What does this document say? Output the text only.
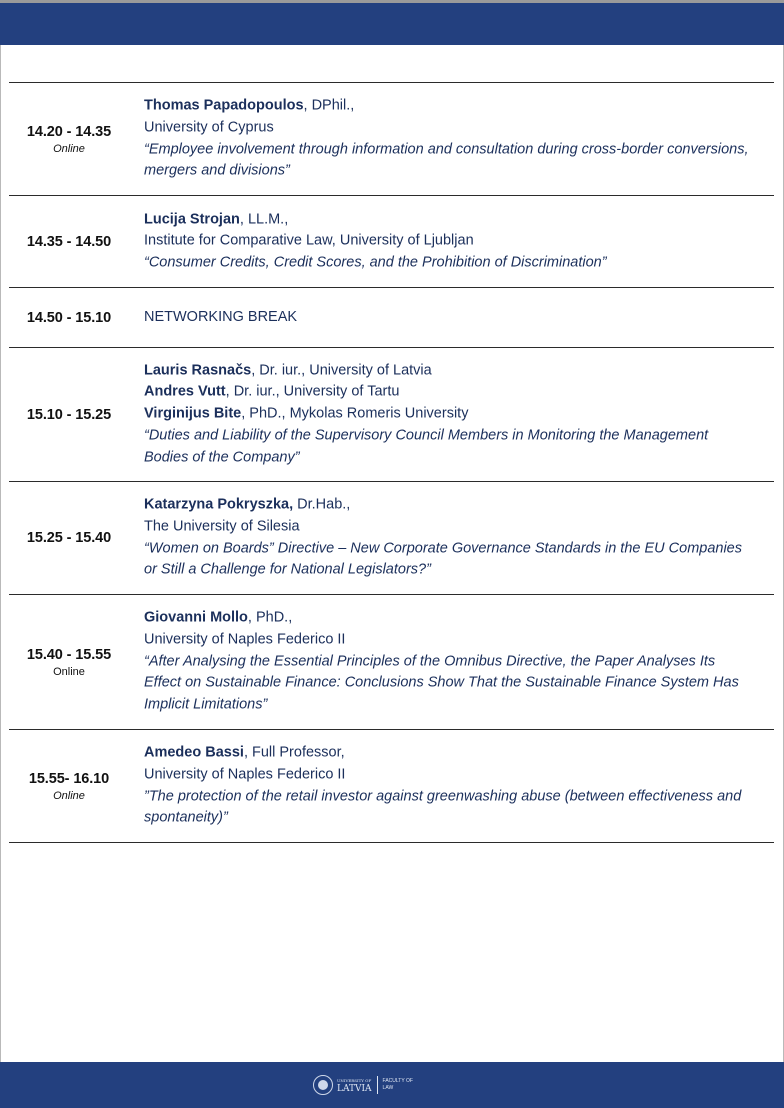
14.20 - 14.35
Online
Thomas Papadopoulos, DPhil.,
University of Cyprus
“Employee involvement through information and consultation during cross-border conversions, mergers and divisions”
14.35 - 14.50
Lucija Strojan, LL.M.,
Institute for Comparative Law, University of Ljubljan
“Consumer Credits, Credit Scores, and the Prohibition of Discrimination”
14.50 - 15.10 NETWORKING BREAK
15.10 - 15.25
Lauris Rasnačs, Dr. iur., University of Latvia
Andres Vutt, Dr. iur., University of Tartu
Virginijus Bite, PhD., Mykolas Romeris University
“Duties and Liability of the Supervisory Council Members in Monitoring the Management Bodies of the Company”
15.25 - 15.40
Katarzyna Pokryszka, Dr.Hab.,
The University of Silesia
“Women on Boards” Directive – New Corporate Governance Standards in the EU Companies or Still a Challenge for National Legislators?”
15.40 - 15.55
Online
Giovanni Mollo, PhD.,
University of Naples Federico II
“After Analysing the Essential Principles of the Omnibus Directive, the Paper Analyses Its Effect on Sustainable Finance: Conclusions Show That the Sustainable Finance System Has Implicit Limitations”
15.55- 16.10
Online
Amedeo Bassi, Full Professor,
University of Naples Federico II
”The protection of the retail investor against greenwashing abuse (between effectiveness and spontaneity)”
UNIVERSITY OF
LATVIA
FACULTY OF
LAW
